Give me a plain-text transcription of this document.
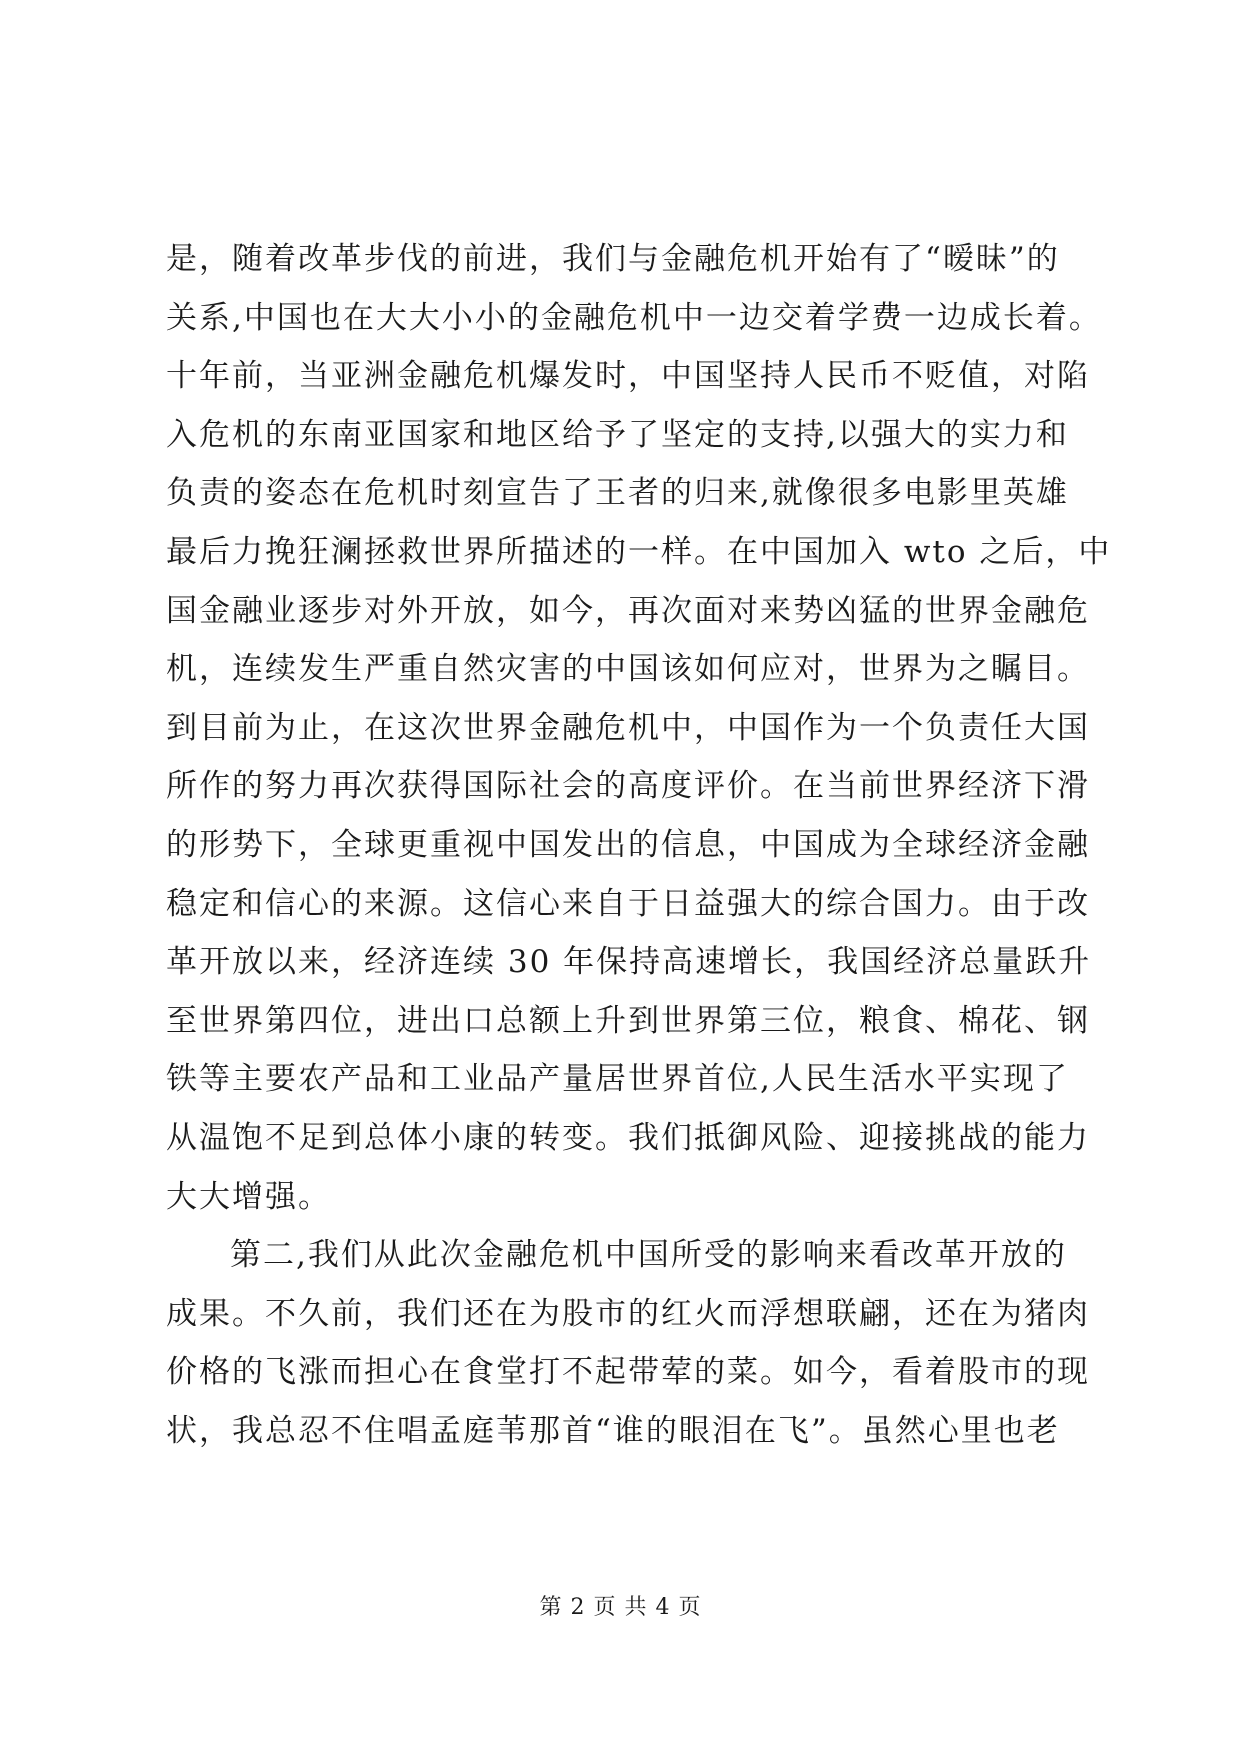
是，随着改革步伐的前进，我们与金融危机开始有了“暧昧”的
关系,中国也在大大小小的金融危机中一边交着学费一边成长着。
十年前，当亚洲金融危机爆发时，中国坚持人民币不贬值，对陷
入危机的东南亚国家和地区给予了坚定的支持,以强大的实力和
负责的姿态在危机时刻宣告了王者的归来,就像很多电影里英雄
最后力挽狂澜拯救世界所描述的一样。在中国加入 wto 之后，中
国金融业逐步对外开放，如今，再次面对来势凶猛的世界金融危
机，连续发生严重自然灾害的中国该如何应对，世界为之瞩目。
到目前为止，在这次世界金融危机中，中国作为一个负责任大国
所作的努力再次获得国际社会的高度评价。在当前世界经济下滑
的形势下，全球更重视中国发出的信息，中国成为全球经济金融
稳定和信心的来源。这信心来自于日益强大的综合国力。由于改
革开放以来，经济连续 30 年保持高速增长，我国经济总量跃升
至世界第四位，进出口总额上升到世界第三位，粮食、棉花、钢
铁等主要农产品和工业品产量居世界首位,人民生活水平实现了
从温饱不足到总体小康的转变。我们抵御风险、迎接挑战的能力
大大增强。
第二,我们从此次金融危机中国所受的影响来看改革开放的
成果。不久前，我们还在为股市的红火而浮想联翩，还在为猪肉
价格的飞涨而担心在食堂打不起带荤的菜。如今，看着股市的现
状，我总忍不住唱孟庭苇那首“谁的眼泪在飞”。虽然心里也老
第 2 页 共 4 页
